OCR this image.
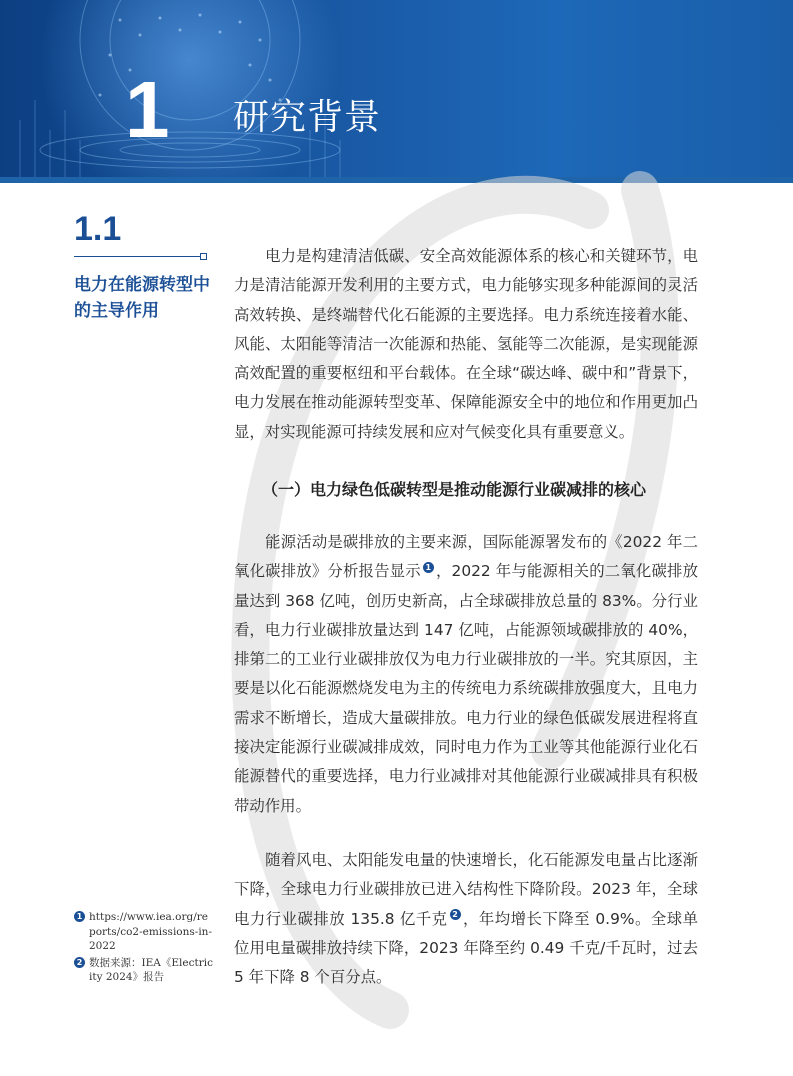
1 研究背景
1.1
电力在能源转型中的主导作用

电力是构建清洁低碳、安全高效能源体系的核心和关键环节，电力是清洁能源开发利用的主要方式，电力能够实现多种能源间的灵活高效转换、是终端替代化石能源的主要选择。电力系统连接着水能、风能、太阳能等清洁一次能源和热能、氢能等二次能源，是实现能源高效配置的重要枢纽和平台载体。在全球“碳达峰、碳中和”背景下，电力发展在推动能源转型变革、保障能源安全中的地位和作用更加凸显，对实现能源可持续发展和应对气候变化具有重要意义。

（一）电力绿色低碳转型是推动能源行业碳减排的核心

能源活动是碳排放的主要来源，国际能源署发布的《2022 年二氧化碳排放》分析报告显示 1 ，2022 年与能源相关的二氧化碳排放量达到 368 亿吨，创历史新高，占全球碳排放总量的 83%。分行业看，电力行业碳排放量达到 147 亿吨，占能源领域碳排放的 40%，排第二的工业行业碳排放仅为电力行业碳排放的一半。究其原因，主要是以化石能源燃烧发电为主的传统电力系统碳排放强度大，且电力需求不断增长，造成大量碳排放。电力行业的绿色低碳发展进程将直接决定能源行业碳减排成效，同时电力作为工业等其他能源行业化石能源替代的重要选择，电力行业减排对其他能源行业碳减排具有积极带动作用。

随着风电、太阳能发电量的快速增长，化石能源发电量占比逐渐下降，全球电力行业碳排放已进入结构性下降阶段。2023 年，全球电力行业碳排放 135.8 亿千克 2 ，年均增长下降至 0.9%。全球单位用电量碳排放持续下降，2023 年降至约 0.49 千克/千瓦时，过去 5 年下降 8 个百分点。

1 https://www.iea.org/reports/co2-emissions-in-2022
2 数据来源：IEA《Electricity 2024》报告
